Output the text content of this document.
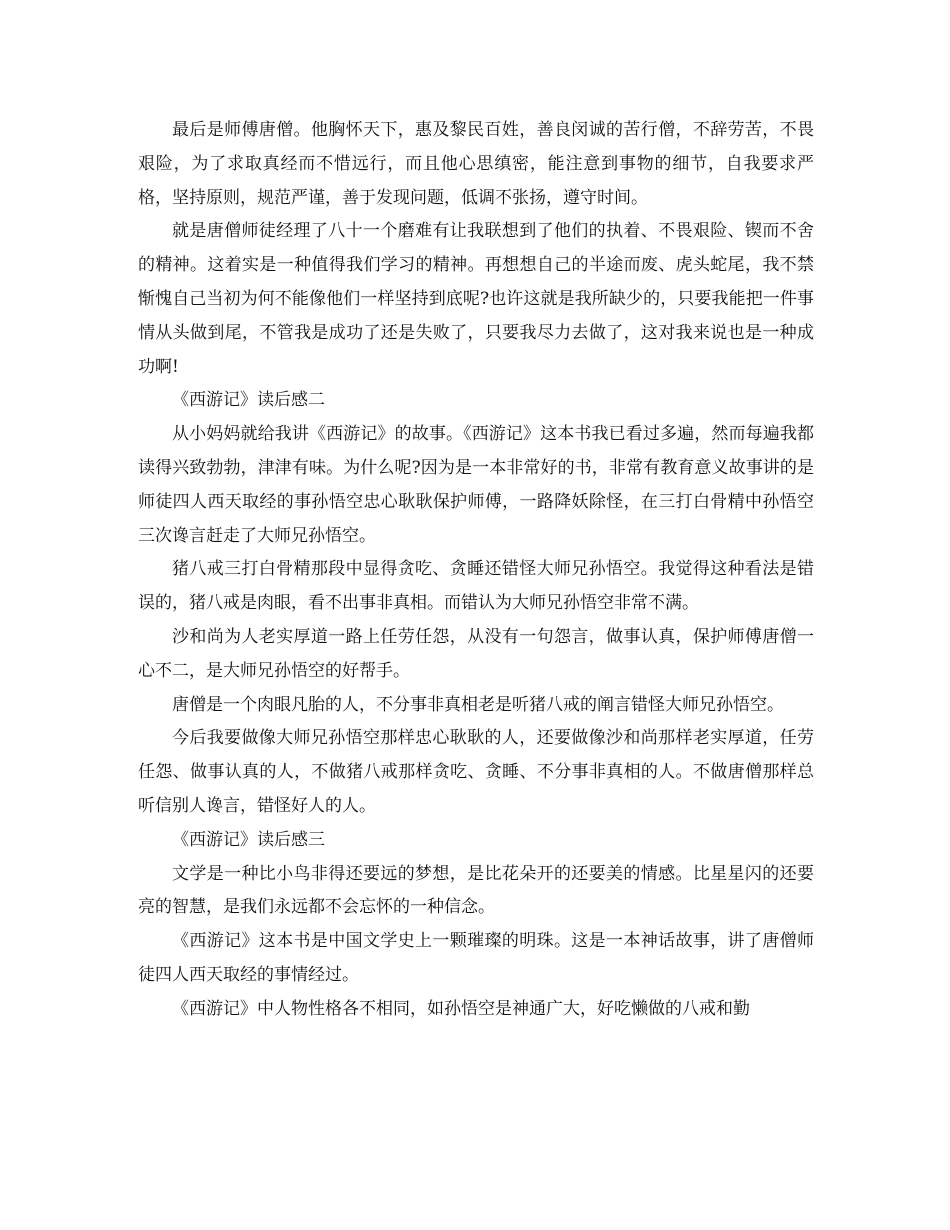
最后是师傅唐僧。他胸怀天下，惠及黎民百姓，善良闵诚的苦行僧，不辞劳苦，不畏艰险，为了求取真经而不惜远行，而且他心思缜密，能注意到事物的细节，自我要求严格，坚持原则，规范严谨，善于发现问题，低调不张扬，遵守时间。

就是唐僧师徒经理了八十一个磨难有让我联想到了他们的执着、不畏艰险、锲而不舍的精神。这着实是一种值得我们学习的精神。再想想自己的半途而废、虎头蛇尾，我不禁惭愧自己当初为何不能像他们一样坚持到底呢?也许这就是我所缺少的，只要我能把一件事情从头做到尾，不管我是成功了还是失败了，只要我尽力去做了，这对我来说也是一种成功啊!

《西游记》读后感二

从小妈妈就给我讲《西游记》的故事。《西游记》这本书我已看过多遍，然而每遍我都读得兴致勃勃，津津有味。为什么呢?因为是一本非常好的书，非常有教育意义故事讲的是师徒四人西天取经的事孙悟空忠心耿耿保护师傅，一路降妖除怪，在三打白骨精中孙悟空三次谗言赶走了大师兄孙悟空。

猪八戒三打白骨精那段中显得贪吃、贪睡还错怪大师兄孙悟空。我觉得这种看法是错误的，猪八戒是肉眼，看不出事非真相。而错认为大师兄孙悟空非常不满。

沙和尚为人老实厚道一路上任劳任怨，从没有一句怨言，做事认真，保护师傅唐僧一心不二，是大师兄孙悟空的好帮手。

唐僧是一个肉眼凡胎的人，不分事非真相老是听猪八戒的阐言错怪大师兄孙悟空。

今后我要做像大师兄孙悟空那样忠心耿耿的人，还要做像沙和尚那样老实厚道，任劳任怨、做事认真的人，不做猪八戒那样贪吃、贪睡、不分事非真相的人。不做唐僧那样总听信别人谗言，错怪好人的人。

《西游记》读后感三

文学是一种比小鸟非得还要远的梦想，是比花朵开的还要美的情感。比星星闪的还要亮的智慧，是我们永远都不会忘怀的一种信念。

《西游记》这本书是中国文学史上一颗璀璨的明珠。这是一本神话故事，讲了唐僧师徒四人西天取经的事情经过。

《西游记》中人物性格各不相同，如孙悟空是神通广大，好吃懒做的八戒和勤
